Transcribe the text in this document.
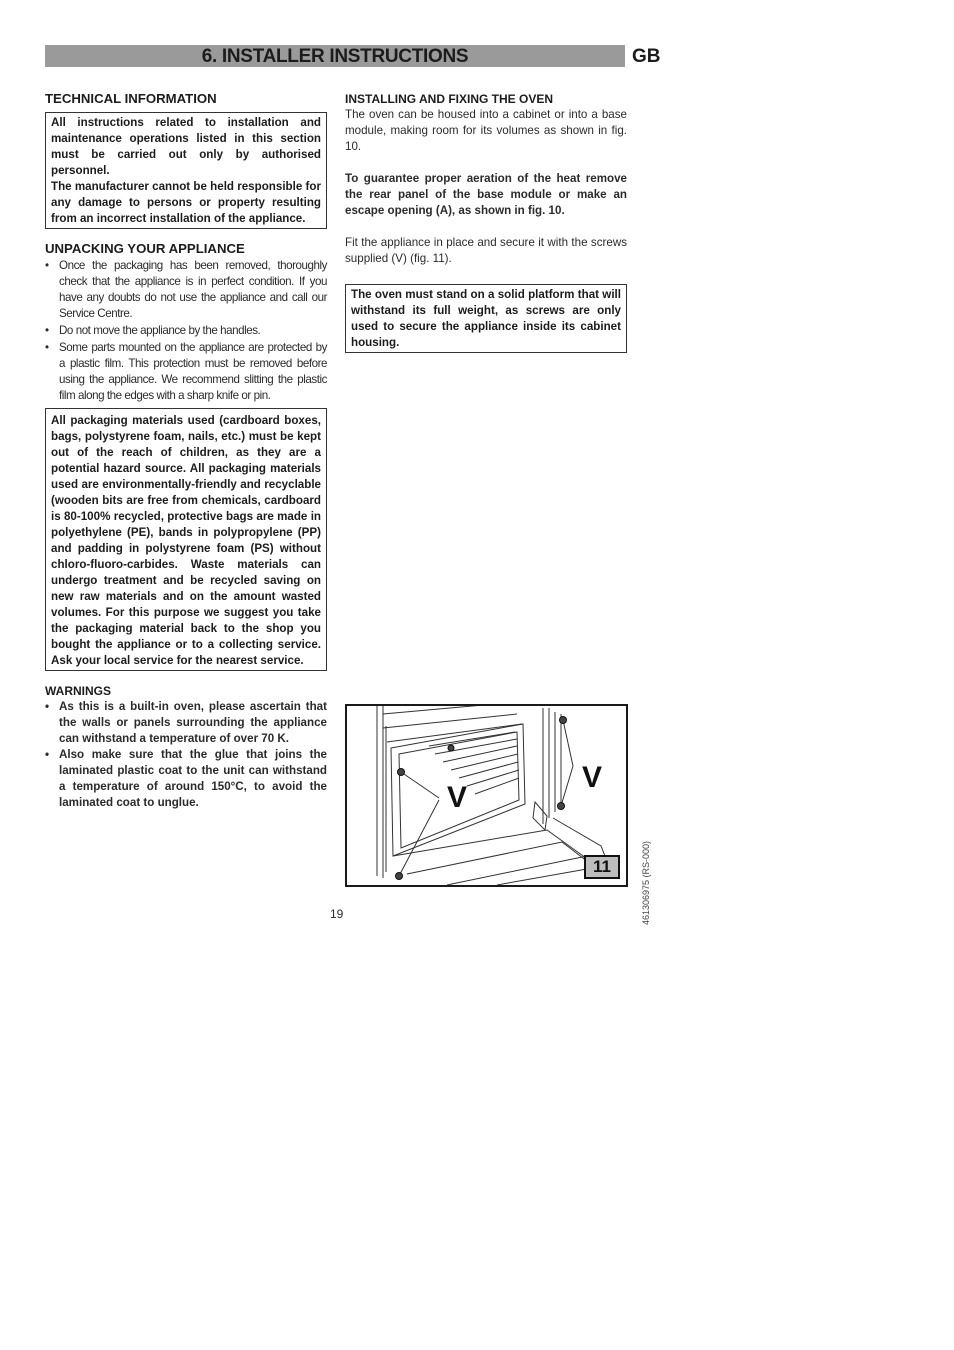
6. INSTALLER INSTRUCTIONS	GB
TECHNICAL INFORMATION

All instructions related to installation and maintenance operations listed in this section must be carried out only by authorised personnel.

The manufacturer cannot be held responsible for any damage to persons or property resulting from an incorrect installation of the appliance.

UNPACKING YOUR APPLIANCE
• Once the packaging has been removed, thoroughly check that the appliance is in perfect condition. If you have any doubts do not use the appliance and call our Service Centre.
• Do not move the appliance by the handles.
• Some parts mounted on the appliance are protected by a plastic film. This protection must be removed before using the appliance. We recommend slitting the plastic film along the edges with a sharp knife or pin.

All packaging materials used (cardboard boxes, bags, polystyrene foam, nails, etc.) must be kept out of the reach of children, as they are a potential hazard source. All packaging materials used are environmentally-friendly and recyclable (wooden bits are free from chemicals, cardboard is 80-100% recycled, protective bags are made in polyethylene (PE), bands in polypropylene (PP) and padding in polystyrene foam (PS) without chloro-fluoro-carbides. Waste materials can undergo treatment and be recycled saving on new raw materials and on the amount wasted volumes. For this purpose we suggest you take the packaging material back to the shop you bought the appliance or to a collecting service. Ask your local service for the nearest service.

WARNINGS
• As this is a built-in oven, please ascertain that the walls or panels surrounding the appliance can withstand a temperature of over 70 K.
• Also make sure that the glue that joins the laminated plastic coat to the unit can withstand a temperature of around 150°C, to avoid the laminated coat to unglue.
INSTALLING AND FIXING THE OVEN
The oven can be housed into a cabinet or into a base module, making room for its volumes as shown in fig. 10.
To guarantee proper aeration of the heat remove the rear panel of the base module or make an escape opening (A), as shown in fig. 10.
Fit the appliance in place and secure it with the screws supplied (V) (fig. 11).

The oven must stand on a solid platform that will withstand its full weight, as screws are only used to secure the appliance inside its cabinet housing.

V
V
11
19	461306975 (RS-000)
